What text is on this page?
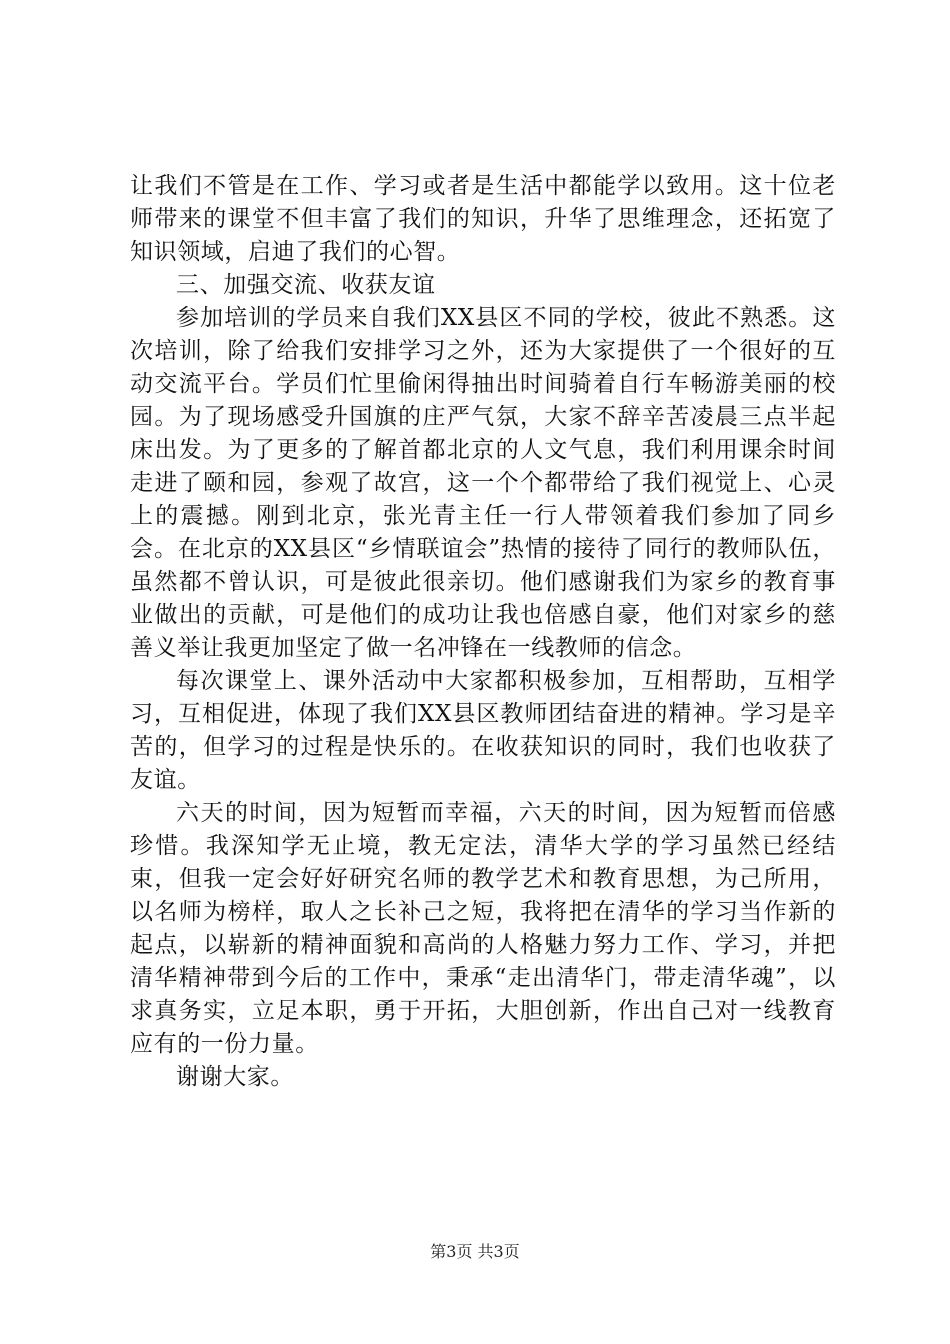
让我们不管是在工作、学习或者是生活中都能学以致用。这十位老师带来的课堂不但丰富了我们的知识，升华了思维理念，还拓宽了知识领域，启迪了我们的心智。

三、加强交流、收获友谊

参加培训的学员来自我们XX县区不同的学校，彼此不熟悉。这次培训，除了给我们安排学习之外，还为大家提供了一个很好的互动交流平台。学员们忙里偷闲得抽出时间骑着自行车畅游美丽的校园。为了现场感受升国旗的庄严气氛，大家不辞辛苦凌晨三点半起床出发。为了更多的了解首都北京的人文气息，我们利用课余时间走进了颐和园，参观了故宫，这一个个都带给了我们视觉上、心灵上的震撼。刚到北京，张光青主任一行人带领着我们参加了同乡会。在北京的XX县区“乡情联谊会”热情的接待了同行的教师队伍，虽然都不曾认识，可是彼此很亲切。他们感谢我们为家乡的教育事业做出的贡献，可是他们的成功让我也倍感自豪，他们对家乡的慈善义举让我更加坚定了做一名冲锋在一线教师的信念。

每次课堂上、课外活动中大家都积极参加，互相帮助，互相学习，互相促进，体现了我们XX县区教师团结奋进的精神。学习是辛苦的，但学习的过程是快乐的。在收获知识的同时，我们也收获了友谊。

六天的时间，因为短暂而幸福，六天的时间，因为短暂而倍感珍惜。我深知学无止境，教无定法，清华大学的学习虽然已经结束，但我一定会好好研究名师的教学艺术和教育思想，为己所用，以名师为榜样，取人之长补己之短，我将把在清华的学习当作新的起点，以崭新的精神面貌和高尚的人格魅力努力工作、学习，并把清华精神带到今后的工作中，秉承“走出清华门，带走清华魂”，以求真务实，立足本职，勇于开拓，大胆创新，作出自己对一线教育应有的一份力量。

谢谢大家。

第3页 共3页
